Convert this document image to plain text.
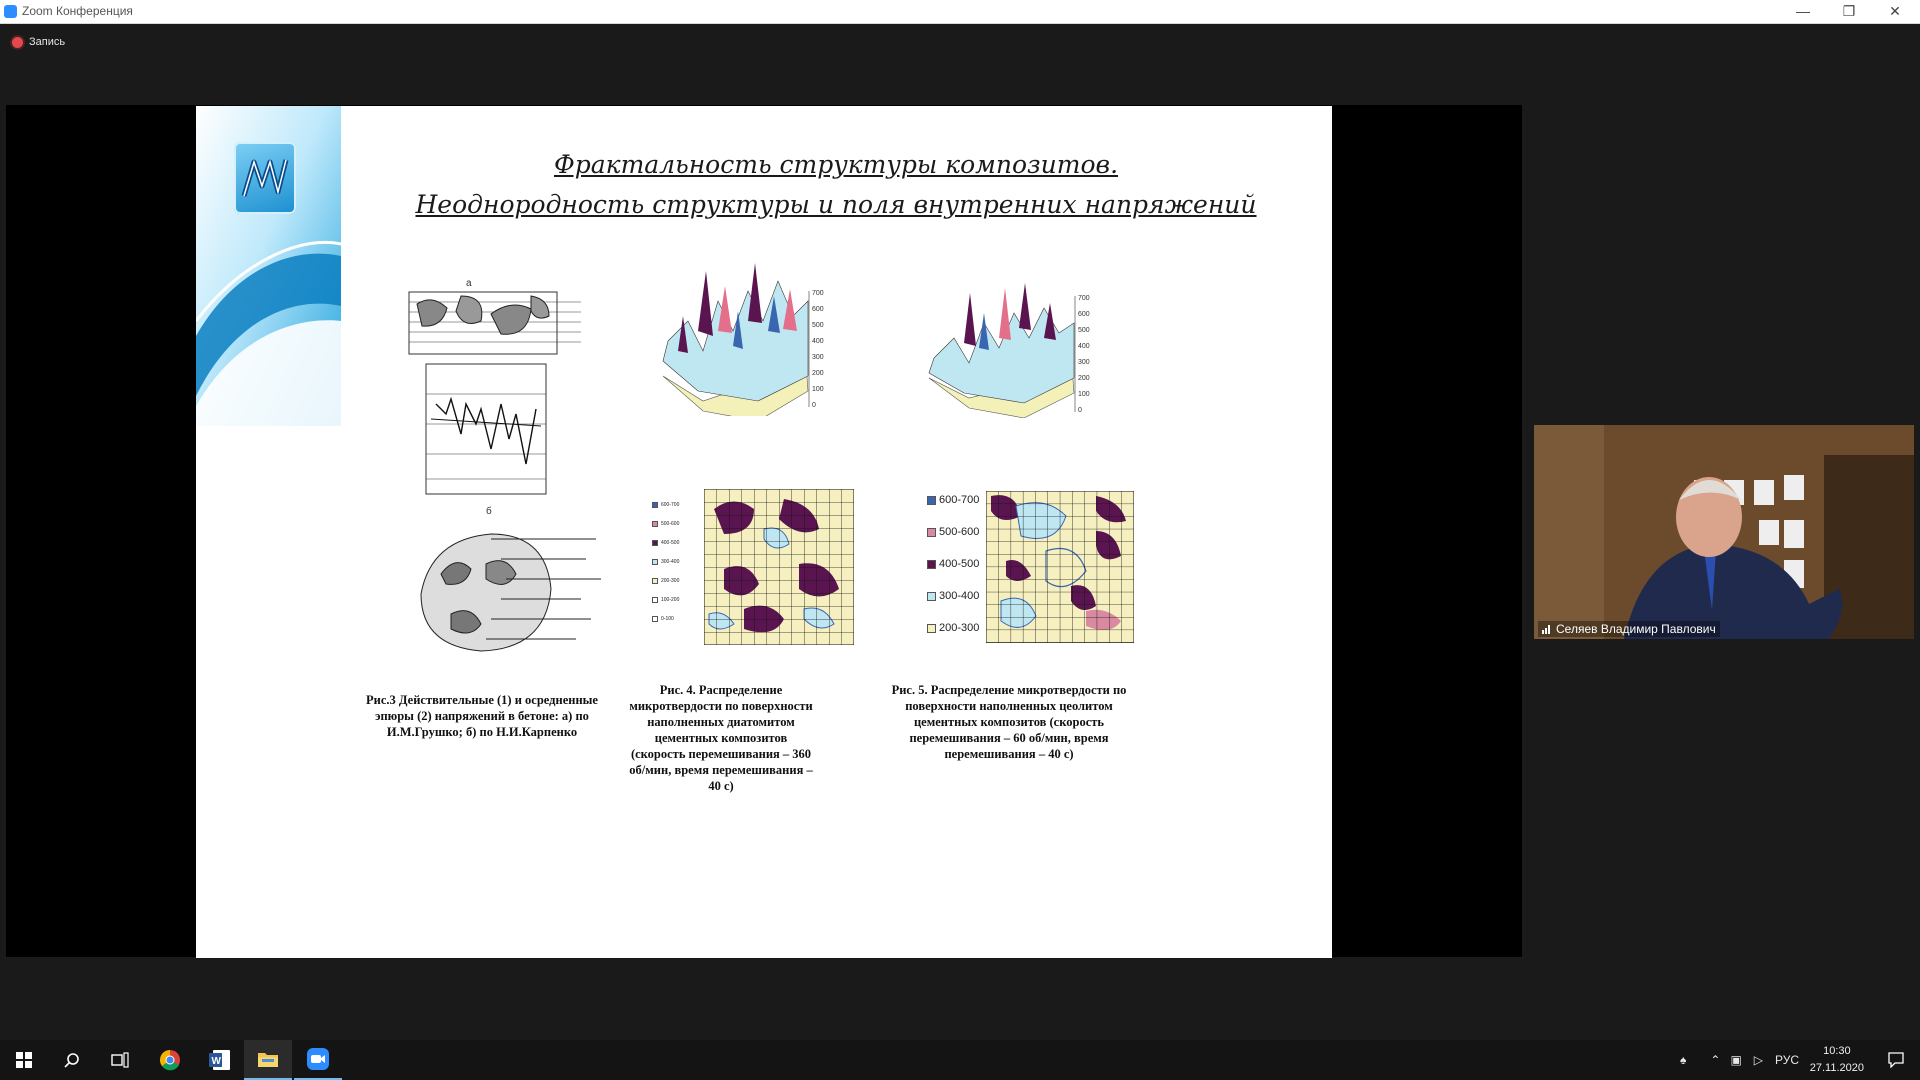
Zoom Конференция	—	❐	✕
Запись
Фрактальность структуры композитов.
Неоднородность структуры и поля внутренних напряжений
а
б
Рис.3 Действительные (1) и осредненные эпюры (2) напряжений в бетоне: а) по И.М.Грушко; б) по Н.И.Карпенко
700
600
500
400
300
200
100
0
700
600
500
400
300
200
100
0
600-700
500-600
400-500
300-400
200-300
100-200
0-100
600-700
500-600
400-500
300-400
200-300
Рис. 4. Распределение микротвердости по поверхности наполненных диатомитом цементных композитов (скорость перемешивания – 360 об/мин, время перемешивания – 40 с)
Рис. 5. Распределение микротвердости по поверхности наполненных цеолитом цементных композитов (скорость перемешивания – 60 об/мин, время перемешивания – 40 с)
Селяев Владимир Павлович
W	♠ ⌃ ▣ ▷ РУС
10:30
27.11.2020
